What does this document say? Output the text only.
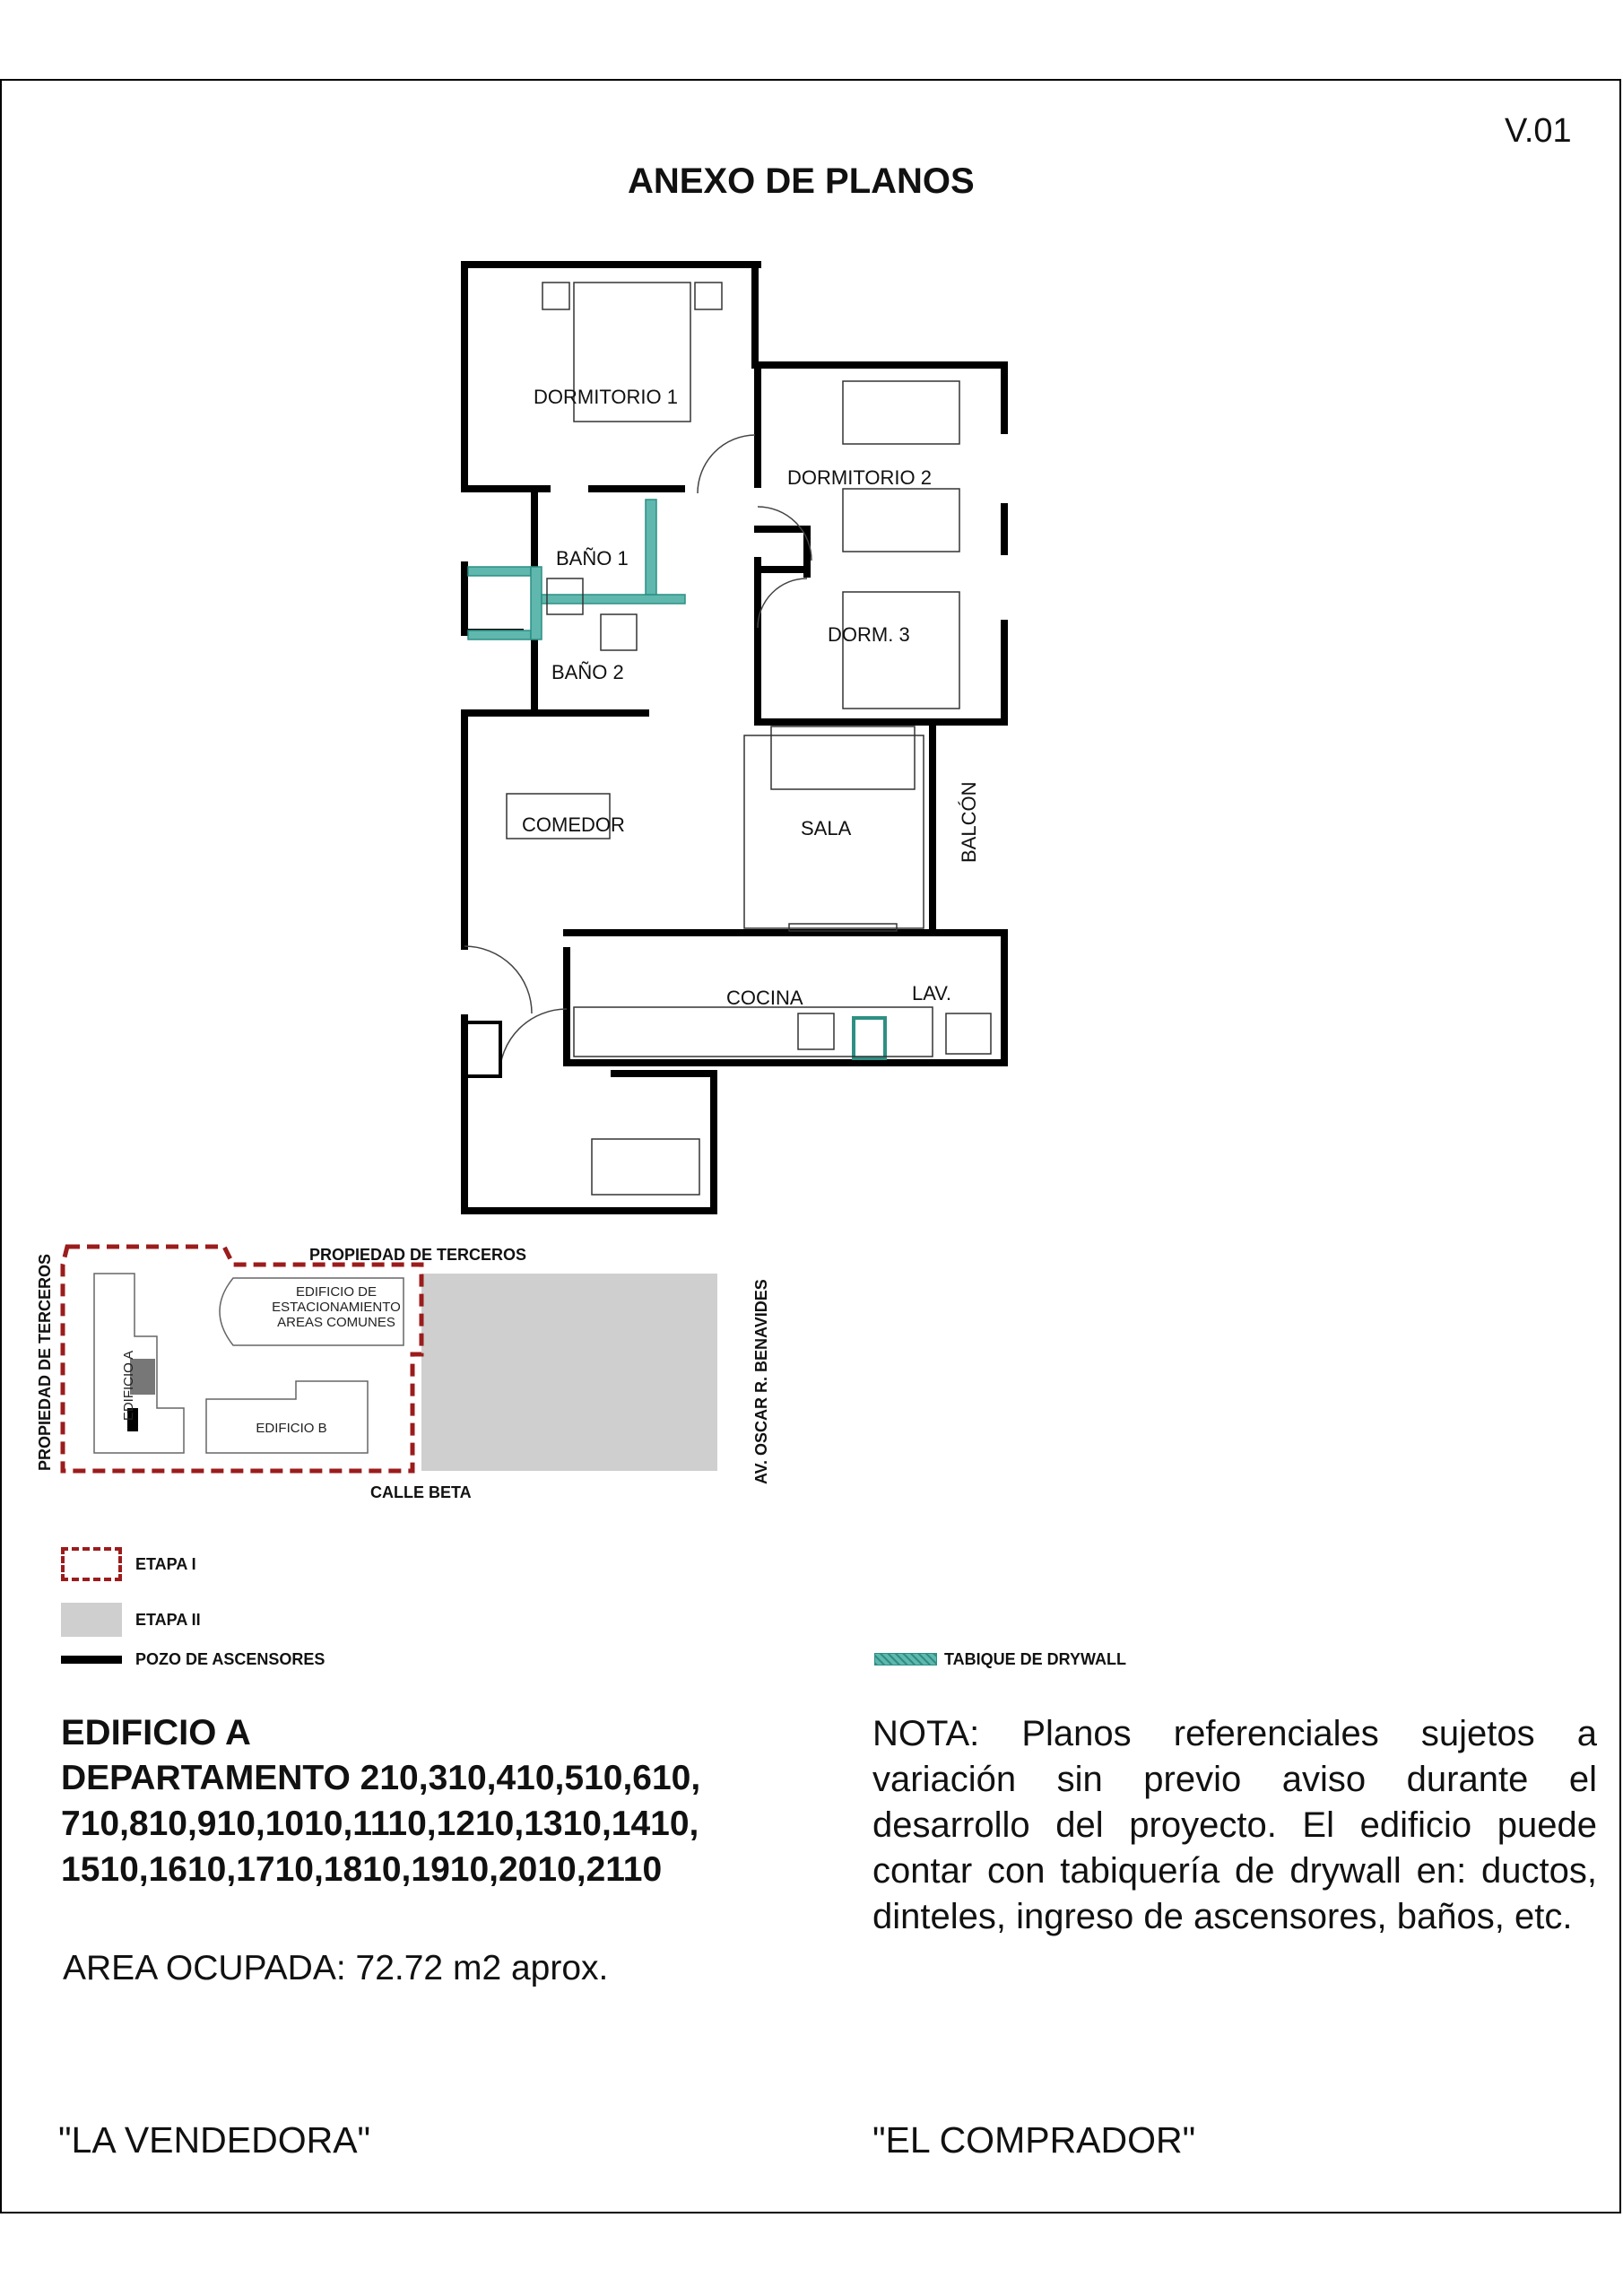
V.01
ANEXO DE PLANOS
DORMITORIO 1
DORMITORIO 2
BAÑO 1
DORM. 3
BAÑO 2
COMEDOR	SALA
COCINA	LAV.
BALCÓN
PROPIEDAD DE TERCEROS
CALLE BETA
PROPIEDAD DE TERCEROS	AV. OSCAR R. BENAVIDES
EDIFICIO DE
ESTACIONAMIENTO
AREAS COMUNES
EDIFICIO B
EDIFICIO A
ETAPA I
ETAPA II
POZO DE ASCENSORES	TABIQUE DE DRYWALL
EDIFICIO A
DEPARTAMENTO 210,310,410,510,610,
710,810,910,1010,1110,1210,1310,1410,
1510,1610,1710,1810,1910,2010,2110
AREA OCUPADA: 72.72 m2 aprox.
NOTA: Planos referenciales sujetos a variación sin previo aviso durante el desarrollo del proyecto. El edificio puede contar con tabiquería de drywall en: ductos, dinteles, ingreso de ascensores, baños, etc.
"LA VENDEDORA"	"EL COMPRADOR"
